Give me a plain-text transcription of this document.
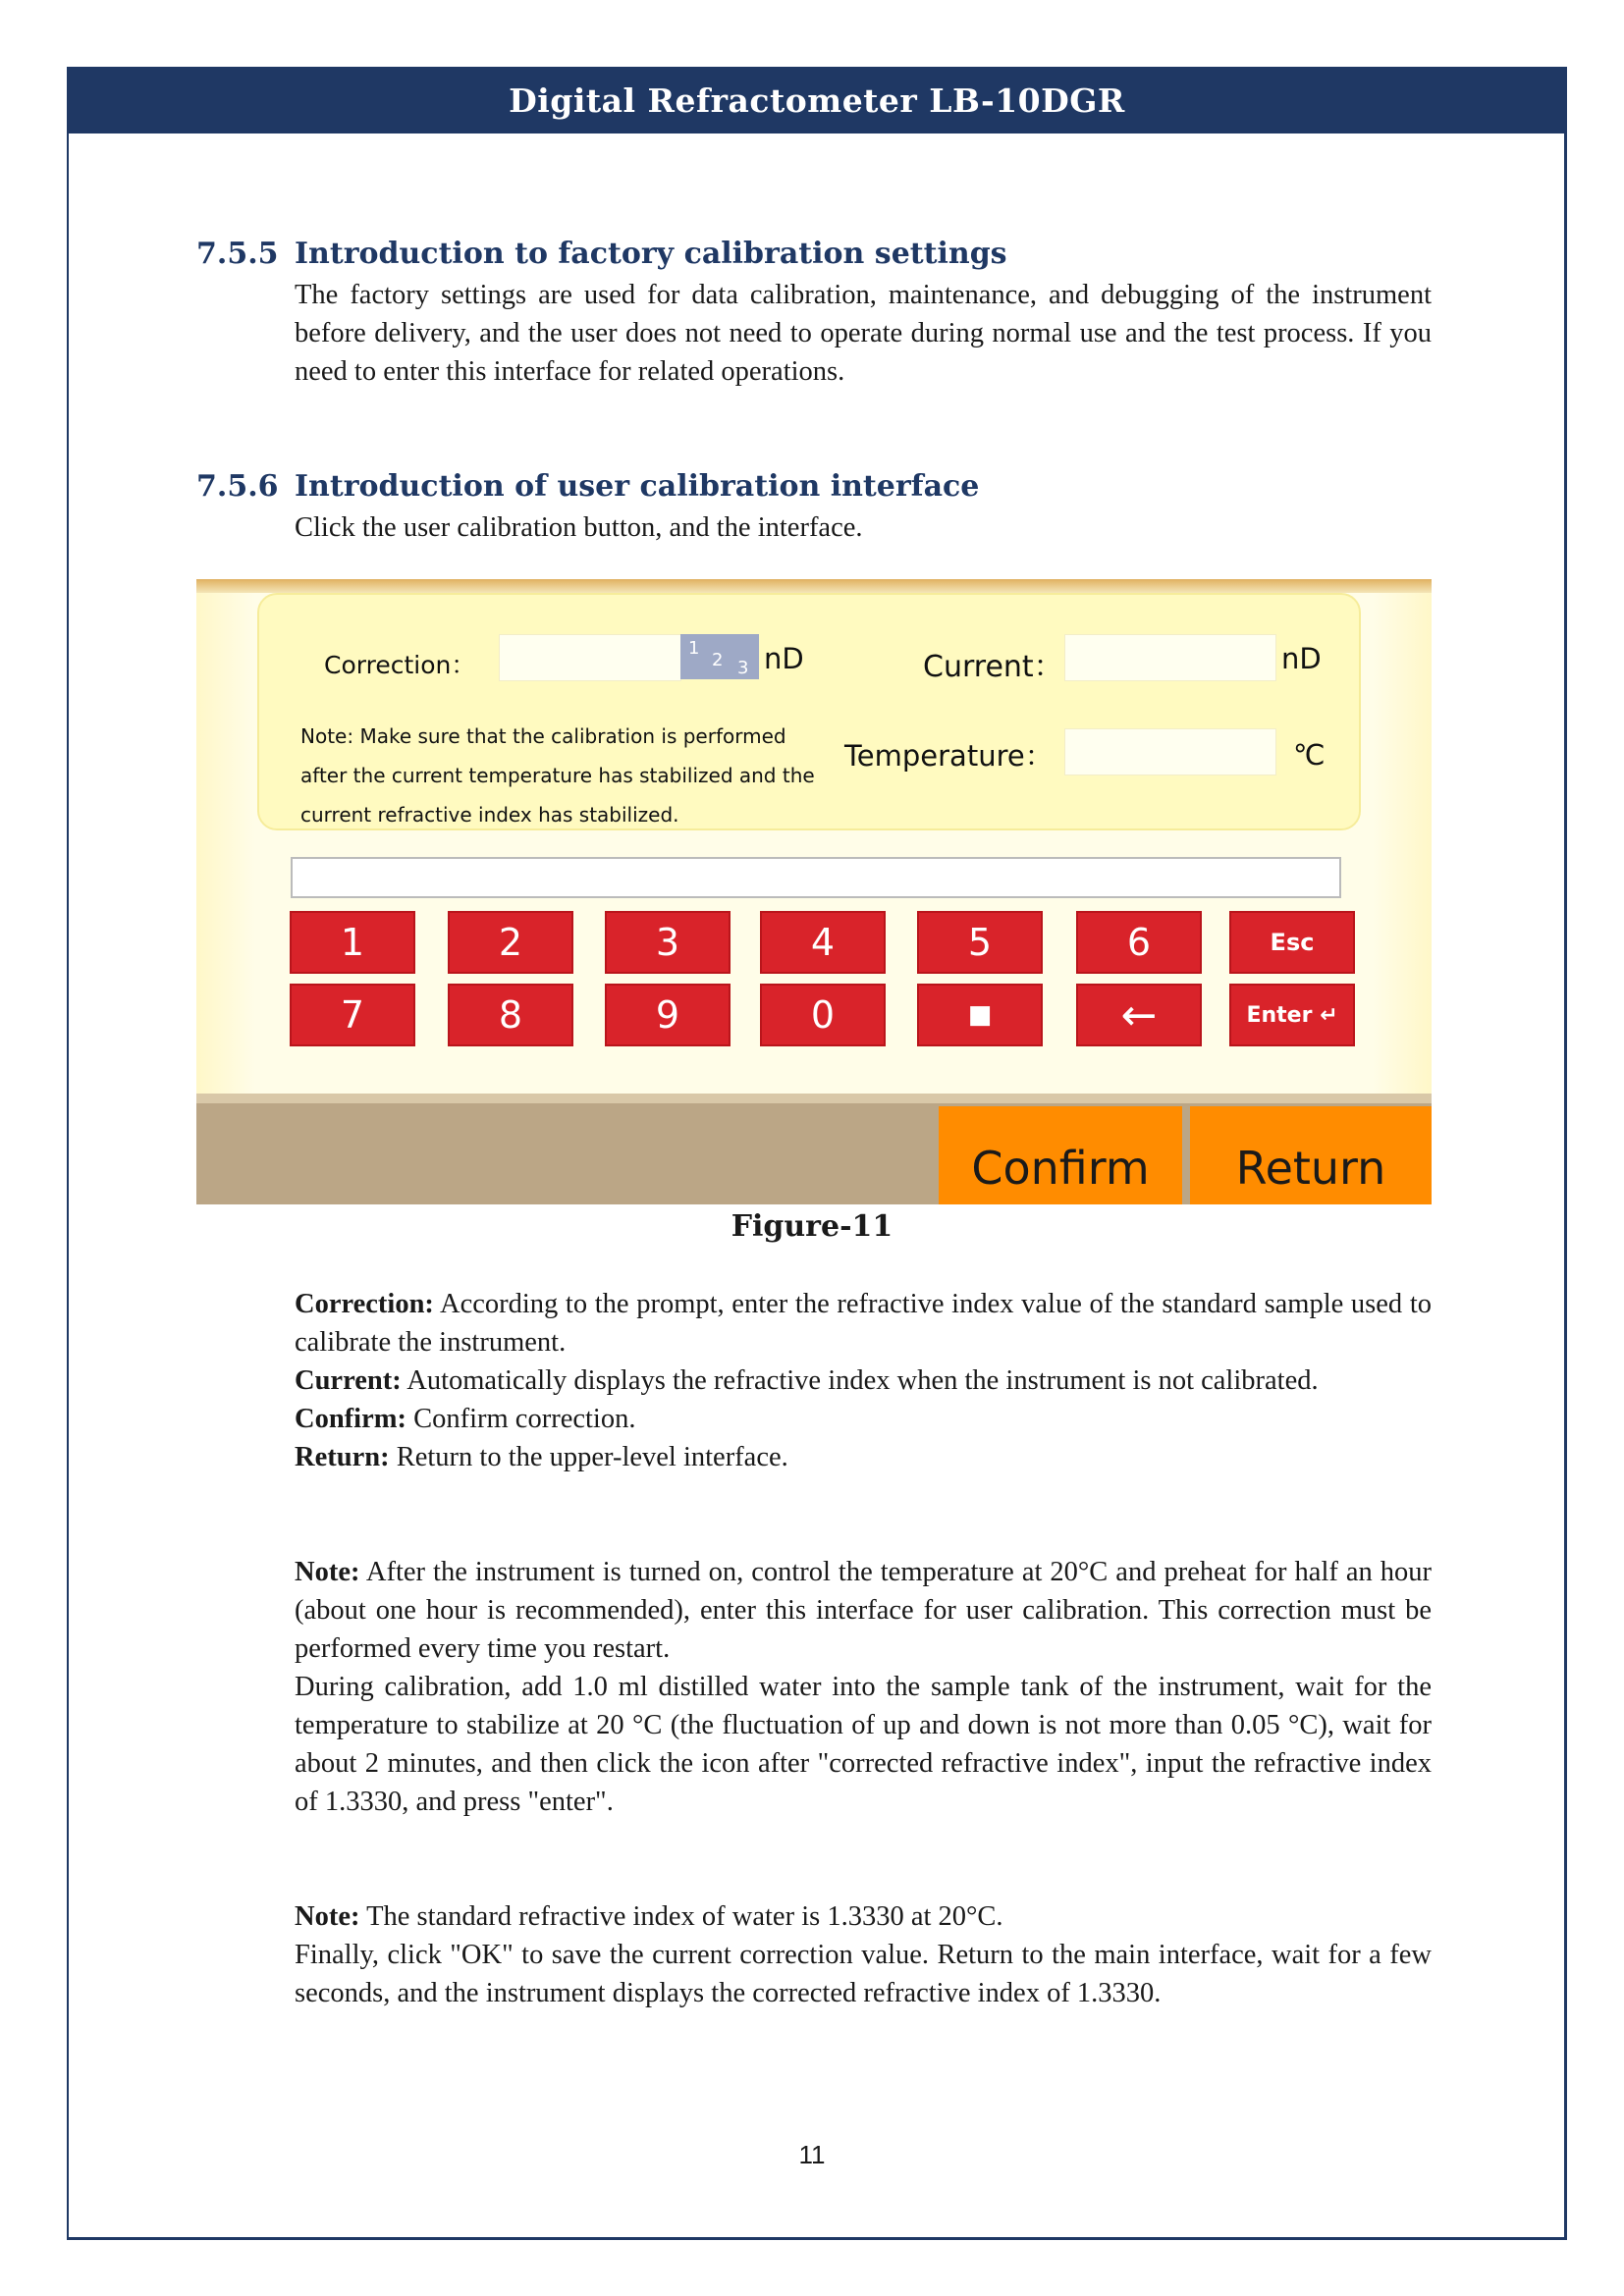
Digital Refractometer LB-10DGR
7.5.5 Introduction to factory calibration settings

The factory settings are used for data calibration, maintenance, and debugging of the instrument before delivery, and the user does not need to operate during normal use and the test process. If you need to enter this interface for related operations.

7.5.6 Introduction of user calibration interface

Click the user calibration button, and the interface.

Correction：
1
2 3 nD	Current：	nD
Note: Make sure that the calibration is performed
after the current temperature has stabilized and the
current refractive index has stabilized.
Temperature：	℃
1	2	3	4	5	6	Esc
7	8	9	0	■	←	Enter ↵
Confirm	Return
Figure-11

Correction: According to the prompt, enter the refractive index value of the standard sample used to calibrate the instrument.

Current: Automatically displays the refractive index when the instrument is not calibrated.

Confirm: Confirm correction.

Return: Return to the upper-level interface.

Note: After the instrument is turned on, control the temperature at 20°C and preheat for half an hour (about one hour is recommended), enter this interface for user calibration. This correction must be performed every time you restart.

During calibration, add 1.0 ml distilled water into the sample tank of the instrument, wait for the temperature to stabilize at 20 °C (the fluctuation of up and down is not more than 0.05 °C), wait for about 2 minutes, and then click the icon after "corrected refractive index", input the refractive index of 1.3330, and press "enter".

Note: The standard refractive index of water is 1.3330 at 20°C.

Finally, click "OK" to save the current correction value. Return to the main interface, wait for a few seconds, and the instrument displays the corrected refractive index of 1.3330.

11
